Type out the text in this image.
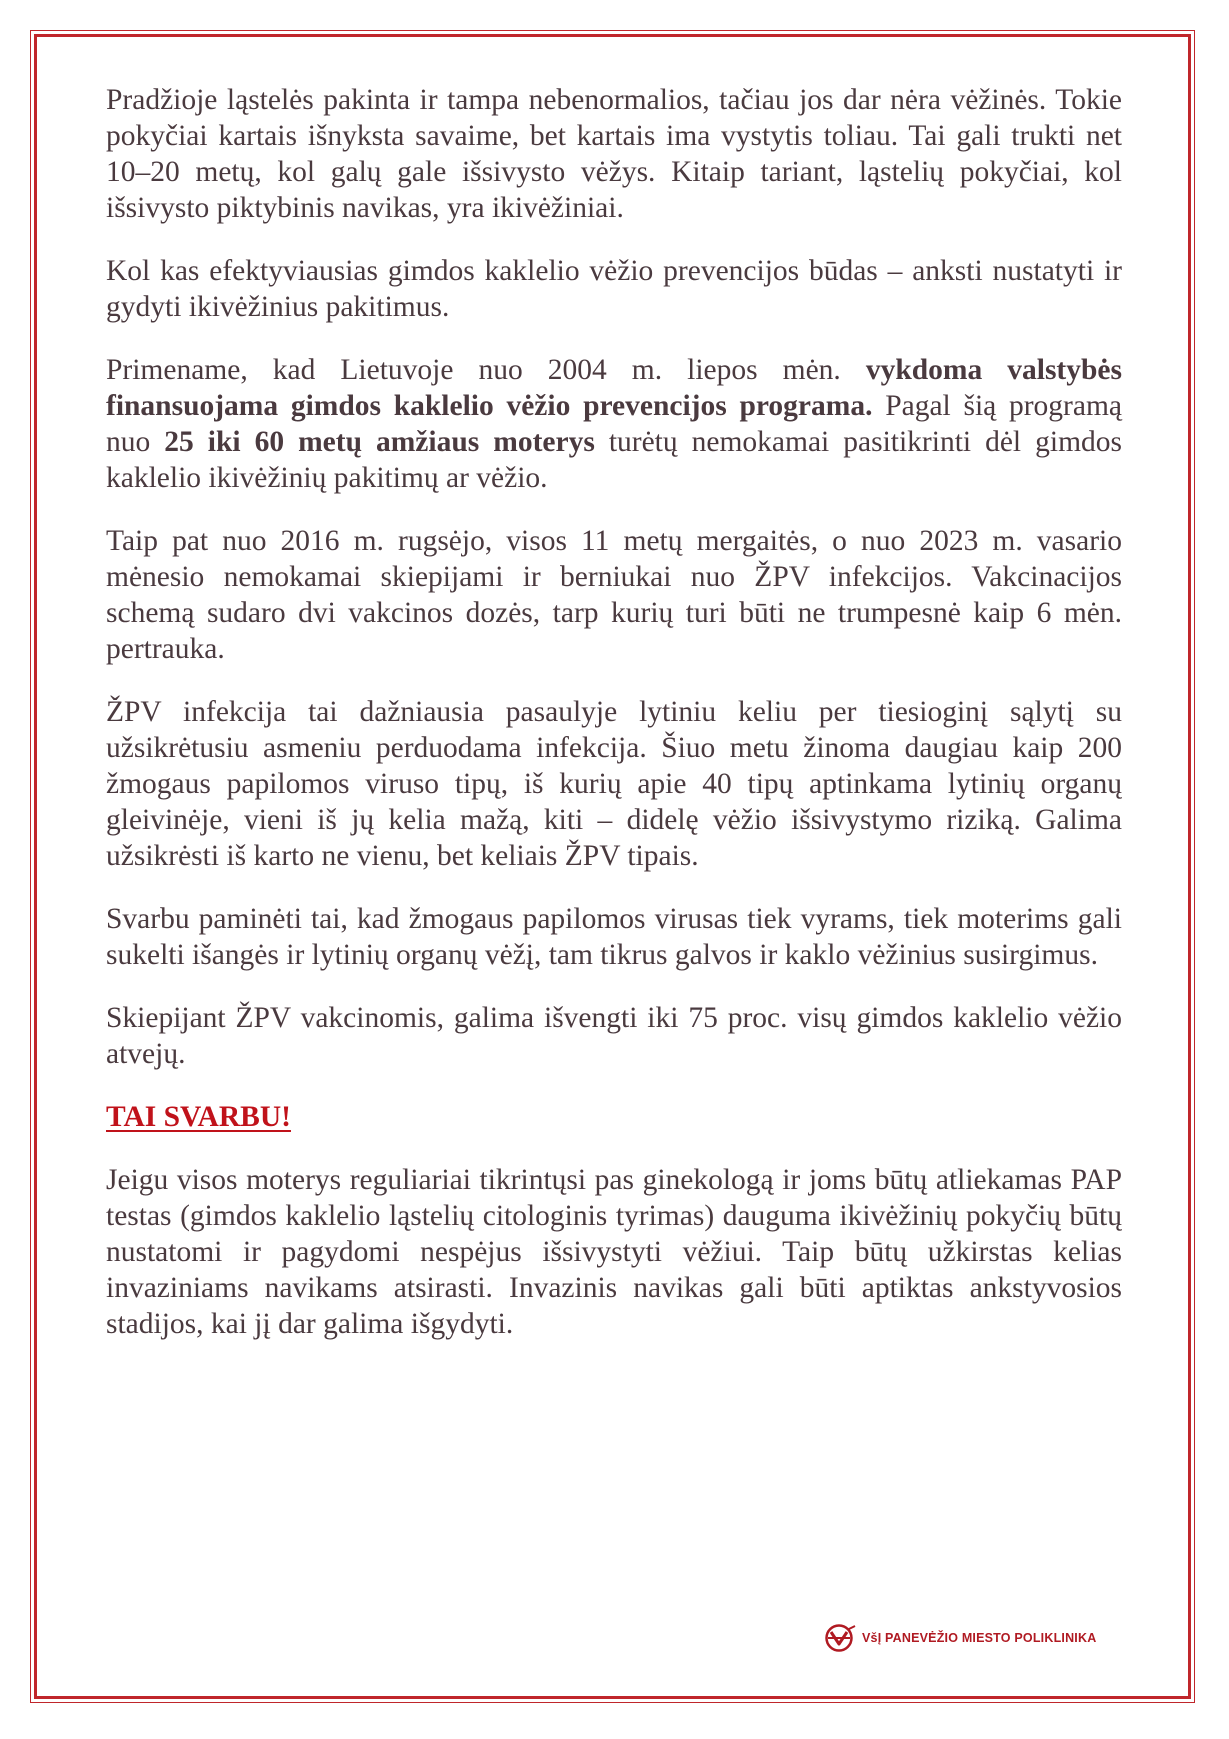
Pradžioje ląstelės pakinta ir tampa nebenormalios, tačiau jos dar nėra vėžinės. Tokie pokyčiai kartais išnyksta savaime, bet kartais ima vystytis toliau. Tai gali trukti net 10–20 metų, kol galų gale išsivysto vėžys. Kitaip tariant, ląstelių pokyčiai, kol išsivysto piktybinis navikas, yra ikivėžiniai.

Kol kas efektyviausias gimdos kaklelio vėžio prevencijos būdas – anksti nustatyti ir gydyti ikivėžinius pakitimus.

Primename, kad Lietuvoje nuo 2004 m. liepos mėn. vykdoma valstybės finansuojama gimdos kaklelio vėžio prevencijos programa. Pagal šią programą nuo 25 iki 60 metų amžiaus moterys turėtų nemokamai pasitikrinti dėl gimdos kaklelio ikivėžinių pakitimų ar vėžio.

Taip pat nuo 2016 m. rugsėjo, visos 11 metų mergaitės, o nuo 2023 m. vasario mėnesio nemokamai skiepijami ir berniukai nuo ŽPV infekcijos. Vakcinacijos schemą sudaro dvi vakcinos dozės, tarp kurių turi būti ne trumpesnė kaip 6 mėn. pertrauka.

ŽPV infekcija tai dažniausia pasaulyje lytiniu keliu per tiesioginį sąlytį su užsikrėtusiu asmeniu perduodama infekcija. Šiuo metu žinoma daugiau kaip 200 žmogaus papilomos viruso tipų, iš kurių apie 40 tipų aptinkama lytinių organų gleivinėje, vieni iš jų kelia mažą, kiti – didelę vėžio išsivystymo riziką. Galima užsikrėsti iš karto ne vienu, bet keliais ŽPV tipais.

Svarbu paminėti tai, kad žmogaus papilomos virusas tiek vyrams, tiek moterims gali sukelti išangės ir lytinių organų vėžį, tam tikrus galvos ir kaklo vėžinius susirgimus.

Skiepijant ŽPV vakcinomis, galima išvengti iki 75 proc. visų gimdos kaklelio vėžio atvejų.

TAI SVARBU!

Jeigu visos moterys reguliariai tikrintųsi pas ginekologą ir joms būtų atliekamas PAP testas (gimdos kaklelio ląstelių citologinis tyrimas) dauguma ikivėžinių pokyčių būtų nustatomi ir pagydomi nespėjus išsivystyti vėžiui. Taip būtų užkirstas kelias invaziniams navikams atsirasti. Invazinis navikas gali būti aptiktas ankstyvosios stadijos, kai jį dar galima išgydyti.

VšĮ PANEVĖŽIO MIESTO POLIKLINIKA
